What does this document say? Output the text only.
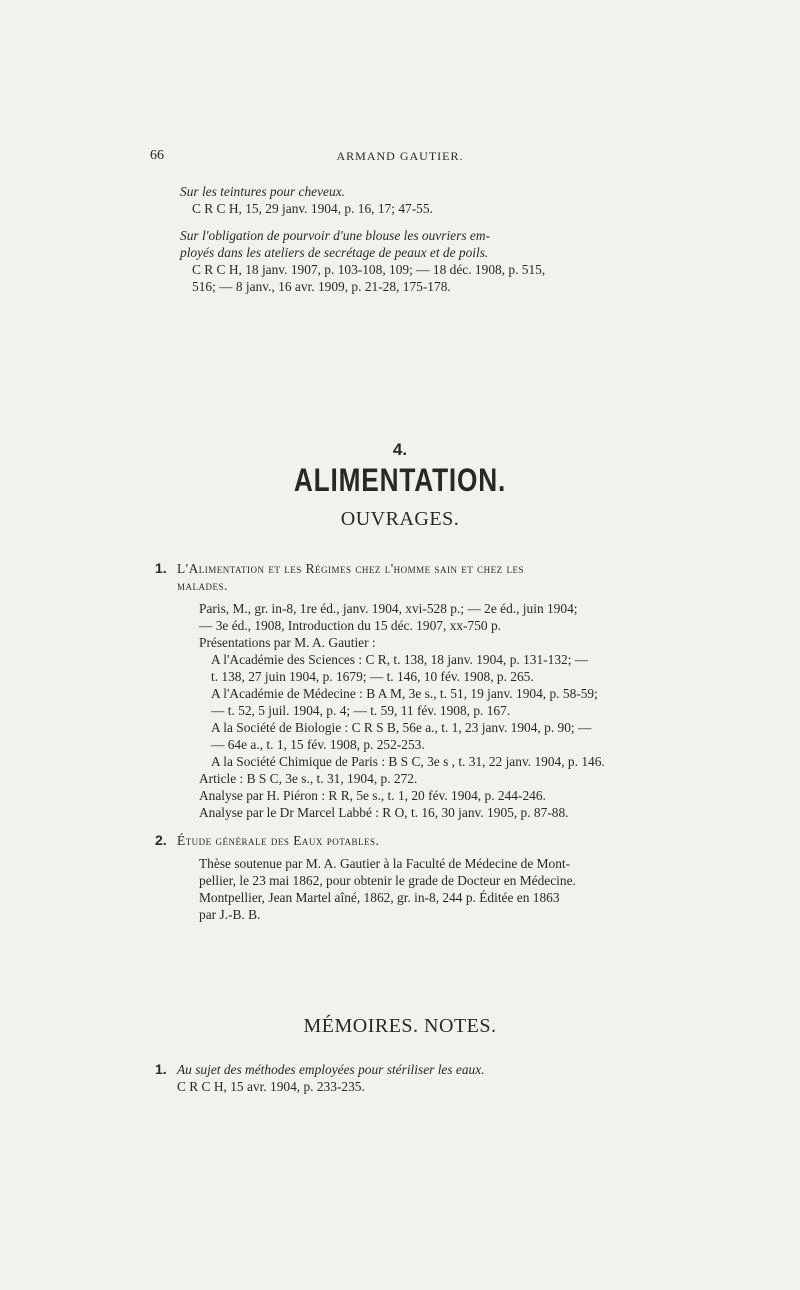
66	ARMAND GAUTIER.

Sur les teintures pour cheveux.

C R C H, 15, 29 janv. 1904, p. 16, 17; 47-55.

Sur l'obligation de pourvoir d'une blouse les ouvriers em-

ployés dans les ateliers de secrétage de peaux et de poils.

C R C H, 18 janv. 1907, p. 103-108, 109; — 18 déc. 1908, p. 515,

516; — 8 janv., 16 avr. 1909, p. 21-28, 175-178.

4.
ALIMENTATION.
OUVRAGES.
1. L'Alimentation et les Régimes chez l'homme sain et chez les

malades.

Paris, M., gr. in-8, 1re éd., janv. 1904, xvi-528 p.; — 2e éd., juin 1904;

— 3e éd., 1908, Introduction du 15 déc. 1907, xx-750 p.

Présentations par M. A. Gautier :

A l'Académie des Sciences : C R, t. 138, 18 janv. 1904, p. 131-132; —

t. 138, 27 juin 1904, p. 1679; — t. 146, 10 fév. 1908, p. 265.

A l'Académie de Médecine : B A M, 3e s., t. 51, 19 janv. 1904, p. 58-59;

— t. 52, 5 juil. 1904, p. 4; — t. 59, 11 fév. 1908, p. 167.

A la Société de Biologie : C R S B, 56e a., t. 1, 23 janv. 1904, p. 90; —

— 64e a., t. 1, 15 fév. 1908, p. 252-253.

A la Société Chimique de Paris : B S C, 3e s , t. 31, 22 janv. 1904, p. 146.

Article : B S C, 3e s., t. 31, 1904, p. 272.

Analyse par H. Piéron : R R, 5e s., t. 1, 20 fév. 1904, p. 244-246.

Analyse par le Dr Marcel Labbé : R O, t. 16, 30 janv. 1905, p. 87-88.

2. Étude générale des Eaux potables.

Thèse soutenue par M. A. Gautier à la Faculté de Médecine de Mont-

pellier, le 23 mai 1862, pour obtenir le grade de Docteur en Médecine.

Montpellier, Jean Martel aîné, 1862, gr. in-8, 244 p. Éditée en 1863

par J.-B. B.

MÉMOIRES. NOTES.
1. Au sujet des méthodes employées pour stériliser les eaux.

C R C H, 15 avr. 1904, p. 233-235.
